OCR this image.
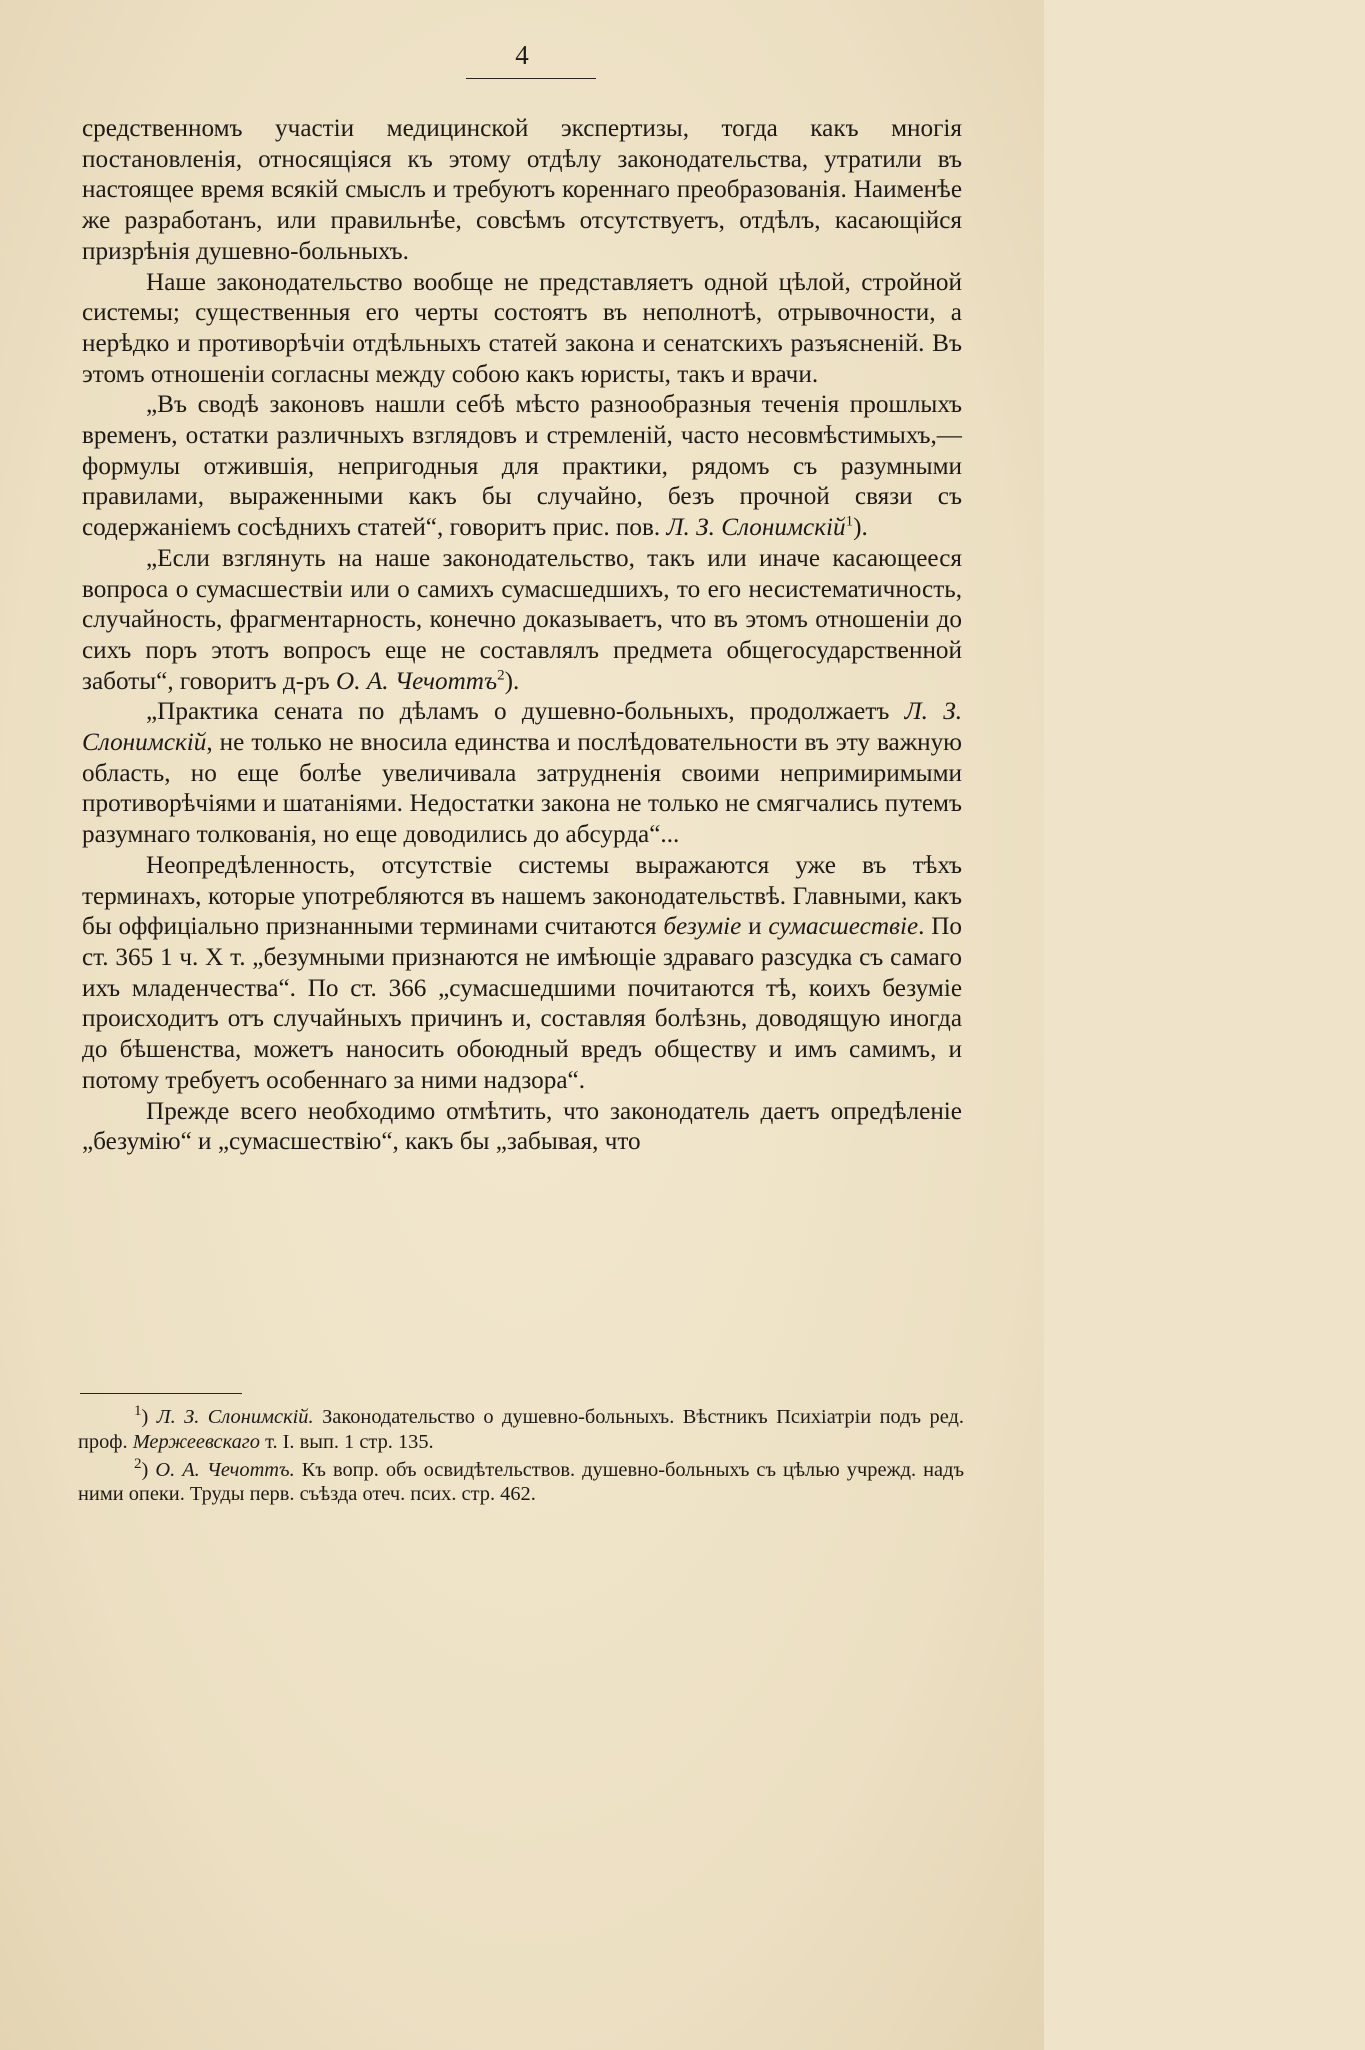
4

средственномъ участіи медицинской экспертизы, тогда какъ многія постановленія, относящіяся къ этому отдѣлу законодательства, утратили въ настоящее время всякій смыслъ и требуютъ кореннаго преобразованія. Наименѣе же разработанъ, или правильнѣе, совсѣмъ отсутствуетъ, отдѣлъ, касающійся призрѣнія душевно-больныхъ.

Наше законодательство вообще не представляетъ одной цѣлой, стройной системы; существенныя его черты состоятъ въ неполнотѣ, отрывочности, а нерѣдко и противорѣчіи отдѣльныхъ статей закона и сенатскихъ разъясненій. Въ этомъ отношеніи согласны между собою какъ юристы, такъ и врачи.

„Въ сводѣ законовъ нашли себѣ мѣсто разнообразныя теченія прошлыхъ временъ, остатки различныхъ взглядовъ и стремленій, часто несовмѣстимыхъ,—формулы отжившія, непригодныя для практики, рядомъ съ разумными правилами, выраженными какъ бы случайно, безъ прочной связи съ содержаніемъ сосѣднихъ статей“, говоритъ прис. пов. Л. З. Слонимскій$^1$).

„Если взглянуть на наше законодательство, такъ или иначе касающееся вопроса о сумасшествіи или о самихъ сумасшедшихъ, то его несистематичность, случайность, фрагментарность, конечно доказываетъ, что въ этомъ отношеніи до сихъ поръ этотъ вопросъ еще не составлялъ предмета общегосударственной заботы“, говоритъ д-ръ О. А. Чечоттъ$^2$).

„Практика сената по дѣламъ о душевно-больныхъ, продолжаетъ Л. З. Слонимскій, не только не вносила единства и послѣдовательности въ эту важную область, но еще болѣе увеличивала затрудненія своими непримиримыми противорѣчіями и шатаніями. Недостатки закона не только не смягчались путемъ разумнаго толкованія, но еще доводились до абсурда“...

Неопредѣленность, отсутствіе системы выражаются уже въ тѣхъ терминахъ, которые употребляются въ нашемъ законодательствѣ. Главными, какъ бы оффиціально признанными терминами считаются безуміе и сумасшествіе. По ст. 365 1 ч. X т. „безумными признаются не имѣющіе здраваго разсудка съ самаго ихъ младенчества“. По ст. 366 „сумасшедшими почитаются тѣ, коихъ безуміе происходитъ отъ случайныхъ причинъ и, составляя болѣзнь, доводящую иногда до бѣшенства, можетъ наносить обоюдный вредъ обществу и имъ самимъ, и потому требуетъ особеннаго за ними надзора“.

Прежде всего необходимо отмѣтить, что законодатель даетъ опредѣленіе „безумію“ и „сумасшествію“, какъ бы „забывая, что

$^1$) Л. З. Слонимскій. Законодательство о душевно-больныхъ. Вѣстникъ Психіатріи подъ ред. проф. Мержеевскаго т. I. вып. 1 стр. 135.

$^2$) О. А. Чечоттъ. Къ вопр. объ освидѣтельствов. душевно-больныхъ съ цѣлью учрежд. надъ ними опеки. Труды перв. съѣзда отеч. псих. стр. 462.
